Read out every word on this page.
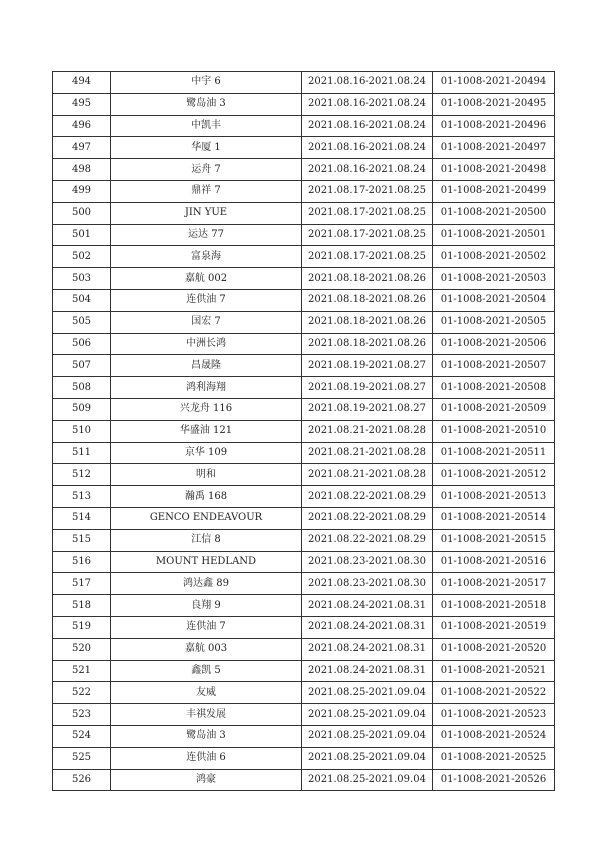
494	中宇 6	2021.08.16-2021.08.24	01-1008-2021-20494
495	鹭岛油 3	2021.08.16-2021.08.24	01-1008-2021-20495
496	中凯丰	2021.08.16-2021.08.24	01-1008-2021-20496
497	华厦 1	2021.08.16-2021.08.24	01-1008-2021-20497
498	运舟 7	2021.08.16-2021.08.24	01-1008-2021-20498
499	鼎祥 7	2021.08.17-2021.08.25	01-1008-2021-20499
500	JIN YUE	2021.08.17-2021.08.25	01-1008-2021-20500
501	运达 77	2021.08.17-2021.08.25	01-1008-2021-20501
502	富泉海	2021.08.17-2021.08.25	01-1008-2021-20502
503	嘉航 002	2021.08.18-2021.08.26	01-1008-2021-20503
504	连供油 7	2021.08.18-2021.08.26	01-1008-2021-20504
505	国宏 7	2021.08.18-2021.08.26	01-1008-2021-20505
506	中洲长鸿	2021.08.18-2021.08.26	01-1008-2021-20506
507	昌晟隆	2021.08.19-2021.08.27	01-1008-2021-20507
508	鸿利海翔	2021.08.19-2021.08.27	01-1008-2021-20508
509	兴龙舟 116	2021.08.19-2021.08.27	01-1008-2021-20509
510	华盛油 121	2021.08.21-2021.08.28	01-1008-2021-20510
511	京华 109	2021.08.21-2021.08.28	01-1008-2021-20511
512	明和	2021.08.21-2021.08.28	01-1008-2021-20512
513	瀚禹 168	2021.08.22-2021.08.29	01-1008-2021-20513
514	GENCO ENDEAVOUR	2021.08.22-2021.08.29	01-1008-2021-20514
515	江信 8	2021.08.22-2021.08.29	01-1008-2021-20515
516	MOUNT HEDLAND	2021.08.23-2021.08.30	01-1008-2021-20516
517	鸿达鑫 89	2021.08.23-2021.08.30	01-1008-2021-20517
518	良翔 9	2021.08.24-2021.08.31	01-1008-2021-20518
519	连供油 7	2021.08.24-2021.08.31	01-1008-2021-20519
520	嘉航 003	2021.08.24-2021.08.31	01-1008-2021-20520
521	鑫凯 5	2021.08.24-2021.08.31	01-1008-2021-20521
522	友威	2021.08.25-2021.09.04	01-1008-2021-20522
523	丰祺发展	2021.08.25-2021.09.04	01-1008-2021-20523
524	鹭岛油 3	2021.08.25-2021.09.04	01-1008-2021-20524
525	连供油 6	2021.08.25-2021.09.04	01-1008-2021-20525
526	鸿豪	2021.08.25-2021.09.04	01-1008-2021-20526
